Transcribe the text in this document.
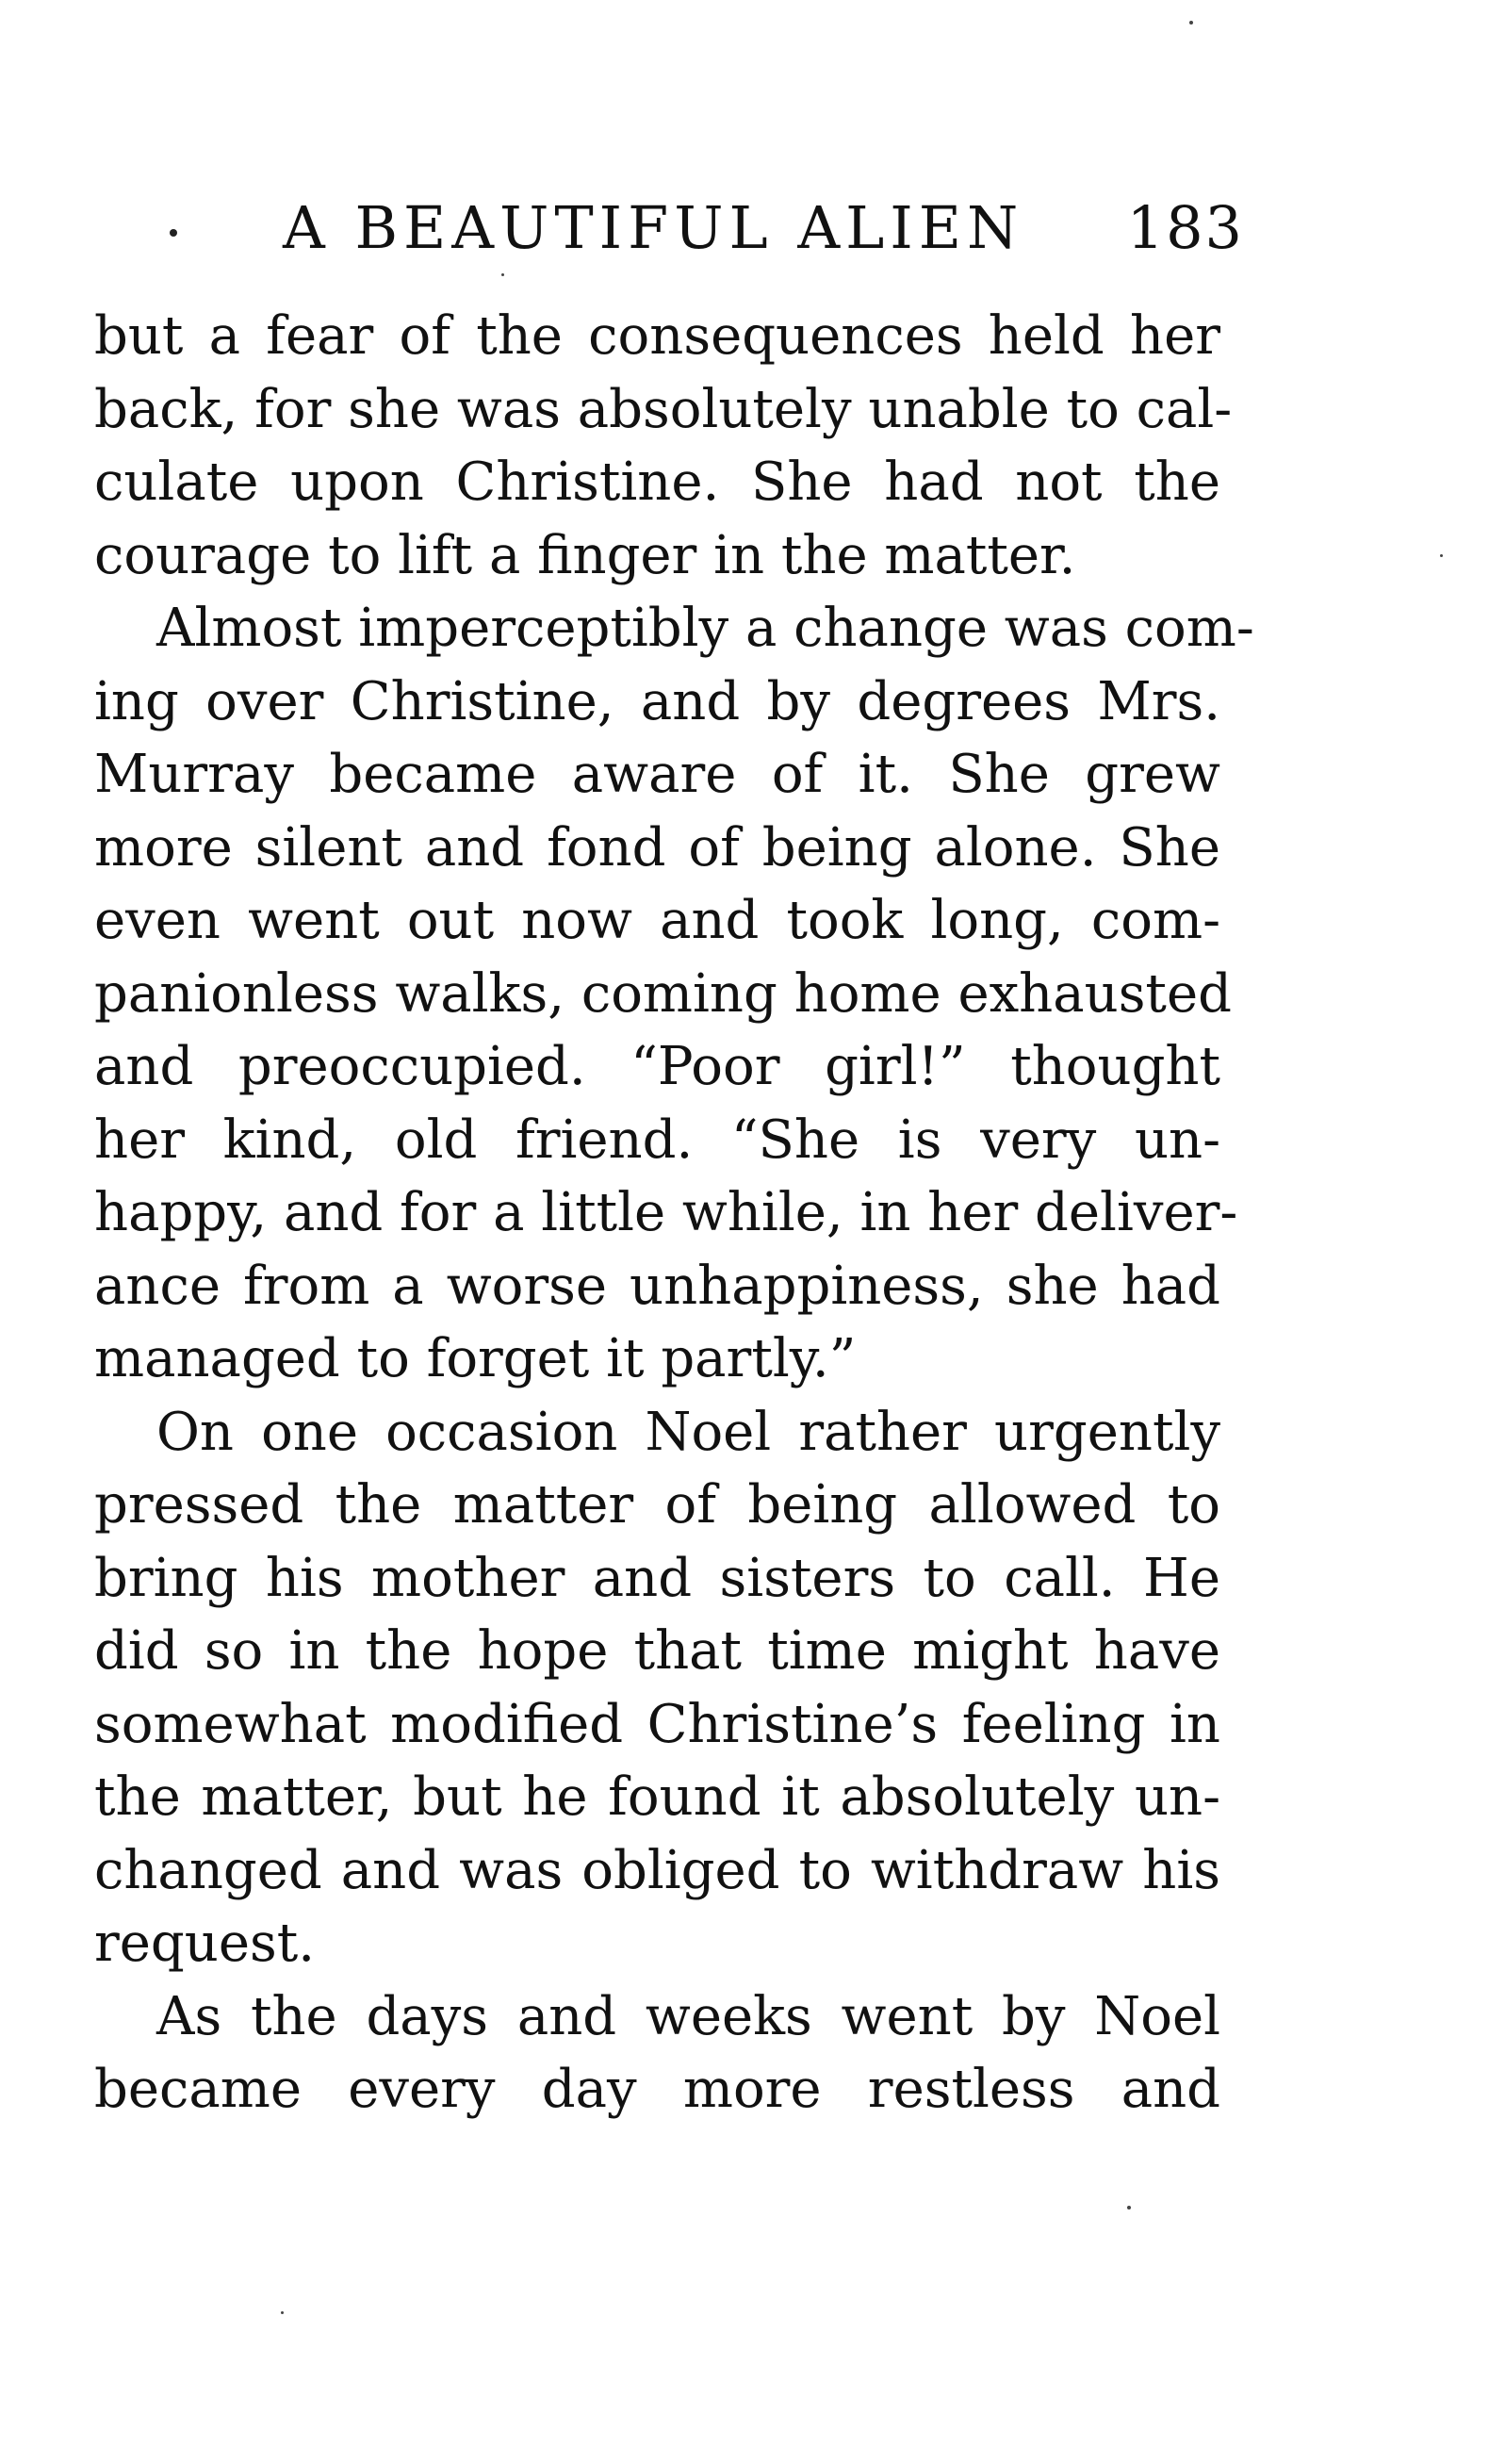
A BEAUTIFUL ALIEN 183
but a fear of the consequences held her
back, for she was absolutely unable to cal-
culate upon Christine. She had not the
courage to lift a finger in the matter.
Almost imperceptibly a change was com-
ing over Christine, and by degrees Mrs.
Murray became aware of it. She grew
more silent and fond of being alone. She
even went out now and took long, com-
panionless walks, coming home exhausted
and preoccupied. “Poor girl!” thought
her kind, old friend. “She is very un-
happy, and for a little while, in her deliver-
ance from a worse unhappiness, she had
managed to forget it partly.”
On one occasion Noel rather urgently
pressed the matter of being allowed to
bring his mother and sisters to call. He
did so in the hope that time might have
somewhat modified Christine’s feeling in
the matter, but he found it absolutely un-
changed and was obliged to withdraw his
request.
As the days and weeks went by Noel
became every day more restless and
